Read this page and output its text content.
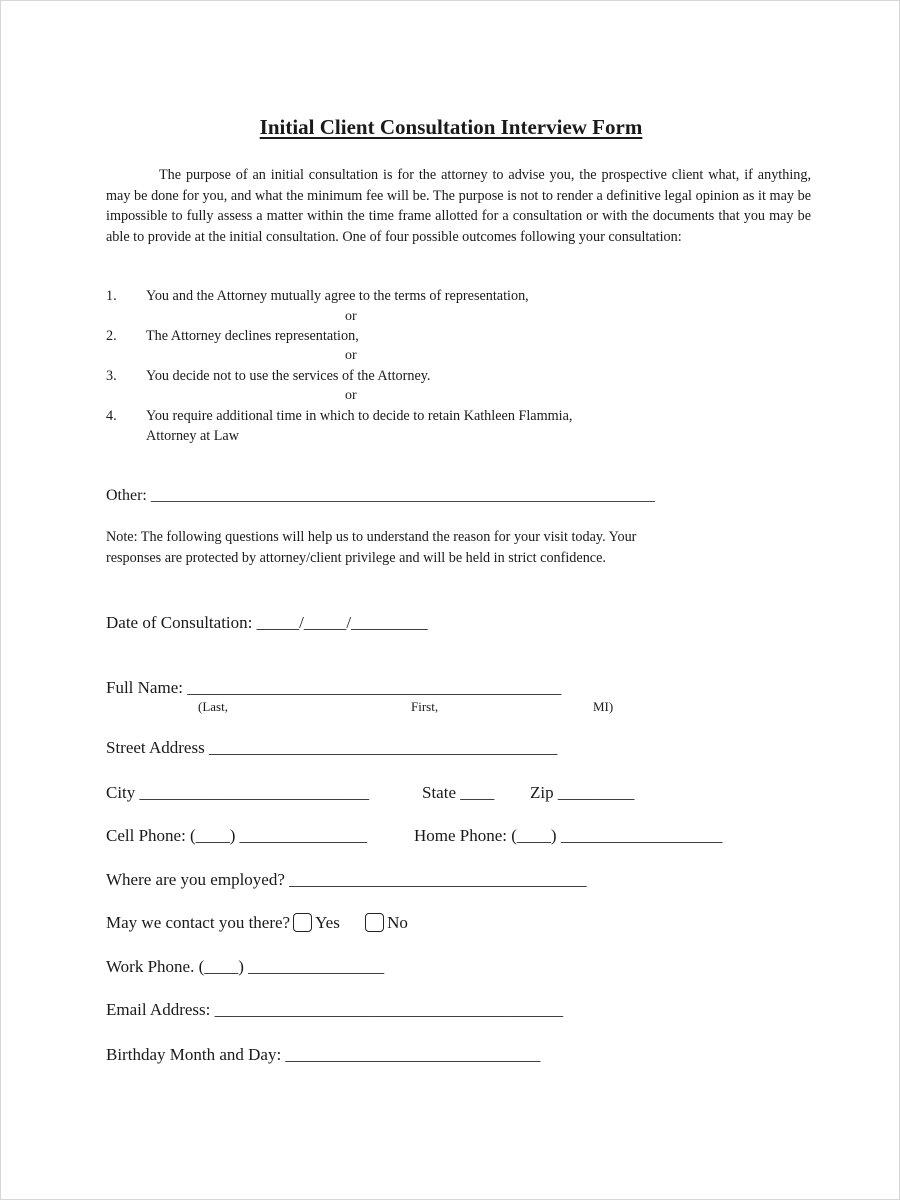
Initial Client Consultation Interview Form
The purpose of an initial consultation is for the attorney to advise you, the prospective client what, if anything, may be done for you, and what the minimum fee will be. The purpose is not to render a definitive legal opinion as it may be impossible to fully assess a matter within the time frame allotted for a consultation or with the documents that you may be able to provide at the initial consultation. One of four possible outcomes following your consultation:
1. You and the Attorney mutually agree to the terms of representation,
or
2. The Attorney declines representation,
or
3. You decide not to use the services of the Attorney.
or
4. You require additional time in which to decide to retain Kathleen Flammia,
Attorney at Law
Other: _______________________________________________________________
Note: The following questions will help us to understand the reason for your visit today. Your
responses are protected by attorney/client privilege and will be held in strict confidence.
Date of Consultation: _____/_____/_________
Full Name: ____________________________________________
(Last,	First,	MI)
Street Address _________________________________________
City ___________________________	State ____ Zip _________
Cell Phone: (____) _______________	Home Phone: (____) ___________________
Where are you employed? ___________________________________
May we contact you there? Yes	No
Work Phone. (____) ________________
Email Address: _________________________________________
Birthday Month and Day: ______________________________
